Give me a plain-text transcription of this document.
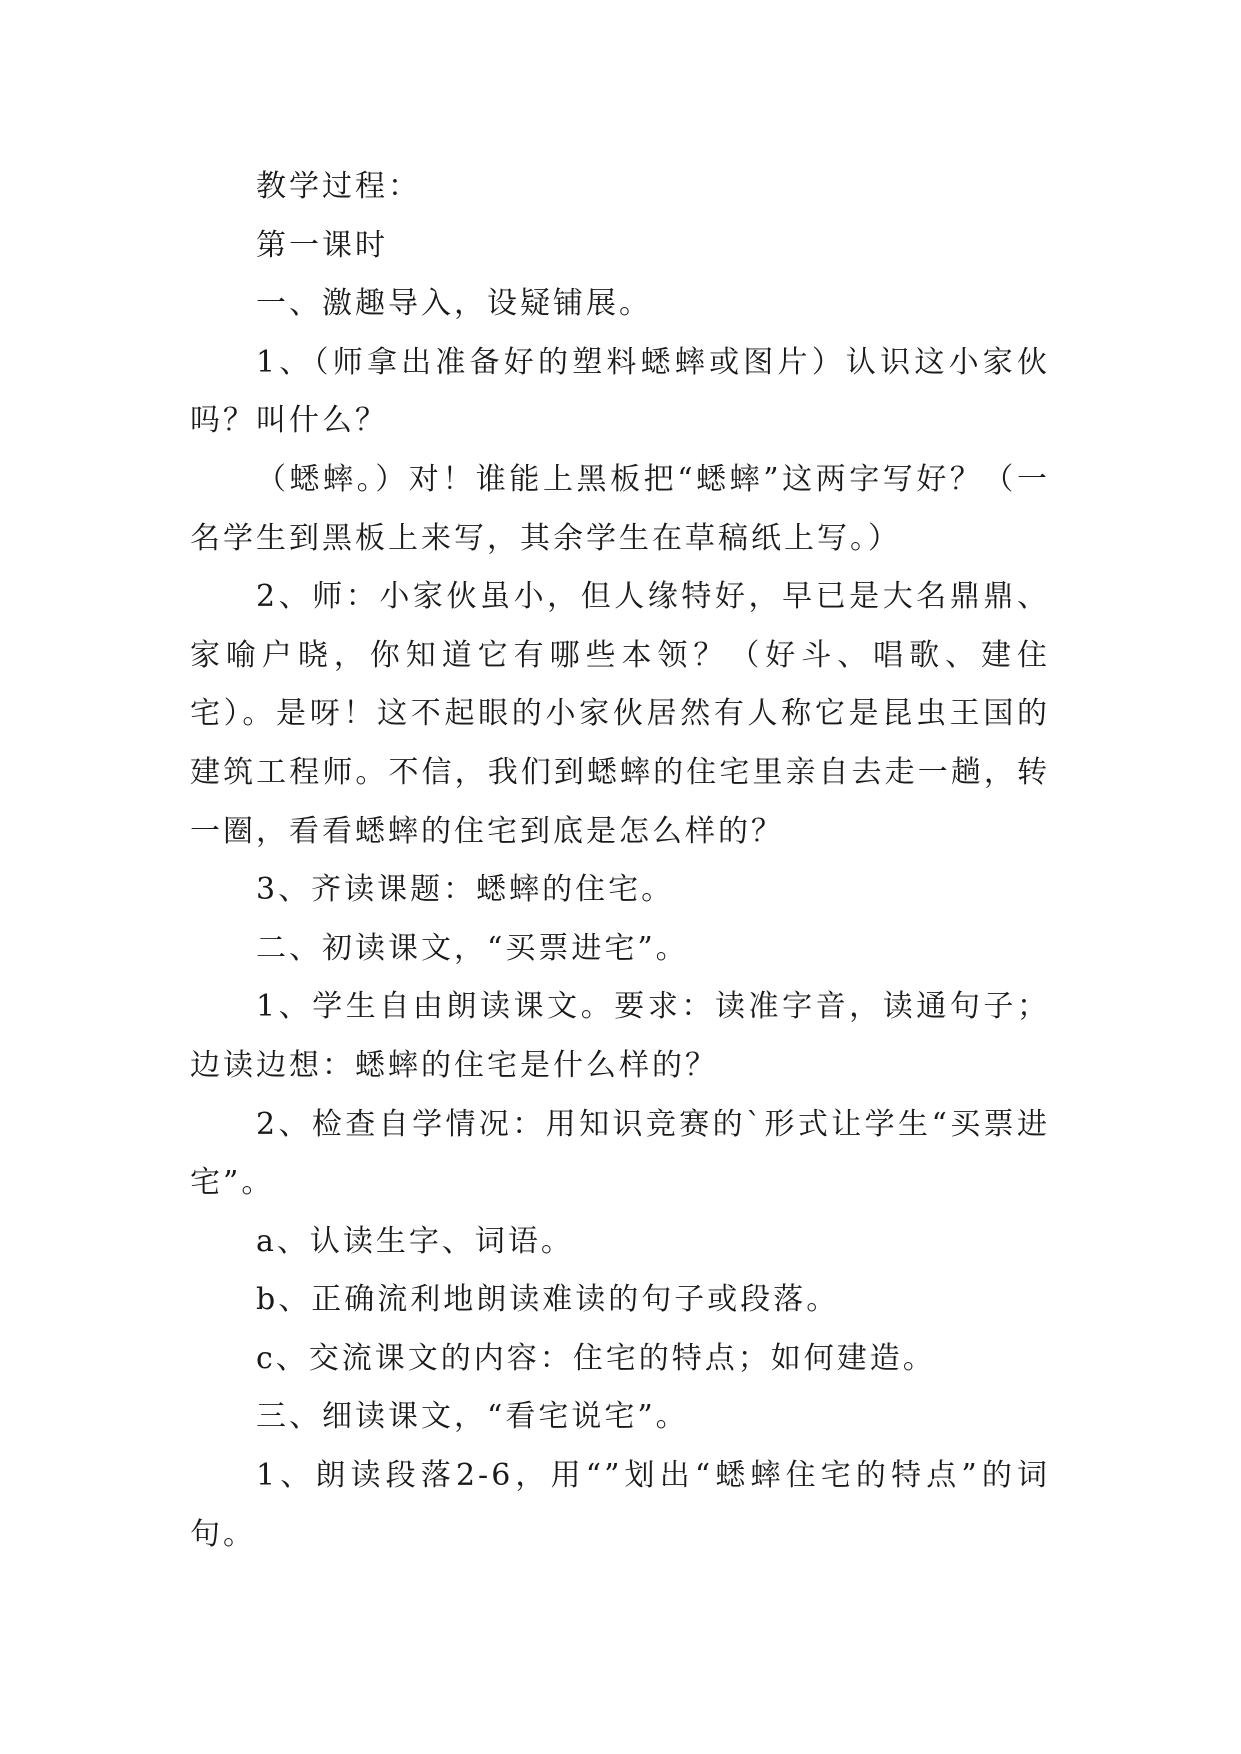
教学过程：

第一课时

一、激趣导入，设疑铺展。

1、（师拿出准备好的塑料蟋蟀或图片）认识这小家伙吗？叫什么？

（蟋蟀。）对！谁能上黑板把“蟋蟀”这两字写好？（一名学生到黑板上来写，其余学生在草稿纸上写。）

2、师：小家伙虽小，但人缘特好，早已是大名鼎鼎、家喻户晓，你知道它有哪些本领？（好斗、唱歌、建住宅）。是呀！这不起眼的小家伙居然有人称它是昆虫王国的建筑工程师。不信，我们到蟋蟀的住宅里亲自去走一趟，转一圈，看看蟋蟀的住宅到底是怎么样的？

3、齐读课题：蟋蟀的住宅。

二、初读课文，“买票进宅”。

1、学生自由朗读课文。要求：读准字音，读通句子；边读边想：蟋蟀的住宅是什么样的？

2、检查自学情况：用知识竞赛的`形式让学生“买票进宅”。

a、认读生字、词语。

b、正确流利地朗读难读的句子或段落。

c、交流课文的内容：住宅的特点；如何建造。

三、细读课文，“看宅说宅”。

1、朗读段落2-6，用“”划出“蟋蟀住宅的特点”的词句。
